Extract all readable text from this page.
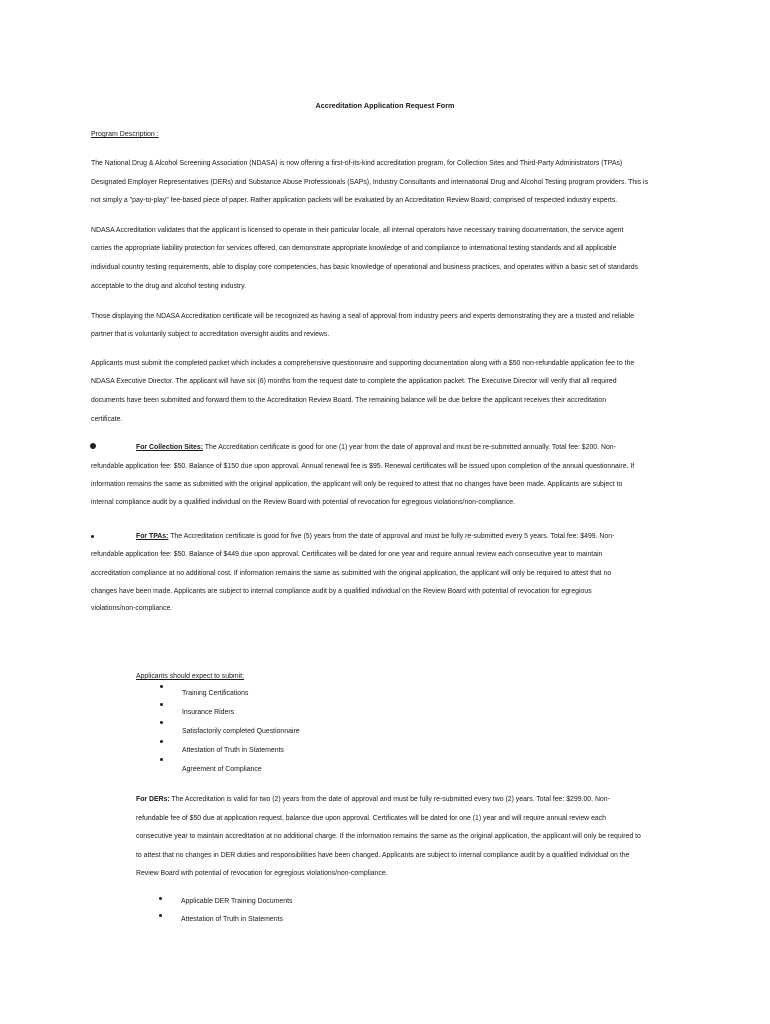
Accreditation Application Request Form
Program Description :
The National Drug & Alcohol Screening Association (NDASA) is now offering a first-of-its-kind accreditation program, for Collection Sites and Third-Party Administrators (TPAs)
Designated Employer Representatives (DERs) and Substance Abuse Professionals (SAPs), Industry Consultants and international Drug and Alcohol Testing program providers. This is
not simply a "pay-to-play" fee-based piece of paper. Rather application packets will be evaluated by an Accreditation Review Board; comprised of respected industry experts.
NDASA Accreditation validates that the applicant is licensed to operate in their particular locale, all internal operators have necessary training documentation, the service agent
carries the appropriate liability protection for services offered, can demonstrate appropriate knowledge of and compliance to international testing standards and all applicable
individual country testing requirements, able to display core competencies, has basic knowledge of operational and business practices, and operates within a basic set of standards
acceptable to the drug and alcohol testing industry.
Those displaying the NDASA Accreditation certificate will be recognized as having a seal of approval from industry peers and experts demonstrating they are a trusted and reliable
partner that is voluntarily subject to accreditation oversight audits and reviews.
Applicants must submit the completed packet which includes a comprehensive questionnaire and supporting documentation along with a $50 non-refundable application fee to the
NDASA Executive Director. The applicant will have six (6) months from the request date to complete the application packet. The Executive Director will verify that all required
documents have been submitted and forward them to the Accreditation Review Board. The remaining balance will be due before the applicant receives their accreditation
certificate.
For Collection Sites: The Accreditation certificate is good for one (1) year from the date of approval and must be re-submitted annually. Total fee: $200. Non-
refundable application fee: $50. Balance of $150 due upon approval. Annual renewal fee is $95. Renewal certificates will be issued upon completion of the annual questionnaire. If
information remains the same as submitted with the original application, the applicant will only be required to attest that no changes have been made. Applicants are subject to
internal compliance audit by a qualified individual on the Review Board with potential of revocation for egregious violations/non-compliance.
For TPAs: The Accreditation certificate is good for five (5) years from the date of approval and must be fully re-submitted every 5 years. Total fee: $499. Non-
refundable application fee: $50. Balance of $449 due upon approval. Certificates will be dated for one year and require annual review each consecutive year to maintain
accreditation compliance at no additional cost. If information remains the same as submitted with the original application, the applicant will only be required to attest that no
changes have been made. Applicants are subject to internal compliance audit by a qualified individual on the Review Board with potential of revocation for egregious
violations/non-compliance.
Applicants should expect to submit:
Training Certifications
Insurance Riders
Satisfactorily completed Questionnaire
Attestation of Truth in Statements
Agreement of Compliance
For DERs: The Accreditation is valid for two (2) years from the date of approval and must be fully re-submitted every two (2) years. Total fee: $299.00. Non-
refundable fee of $50 due at application request, balance due upon approval. Certificates will be dated for one (1) year and will require annual review each
consecutive year to maintain accreditation at no additional charge. If the information remains the same as the original application, the applicant will only be required to
to attest that no changes in DER duties and responsibilities have been changed. Applicants are subject to internal compliance audit by a qualified individual on the
Review Board with potential of revocation for egregious violations/non-compliance.
Applicable DER Training Documents
Attestation of Truth in Statements
